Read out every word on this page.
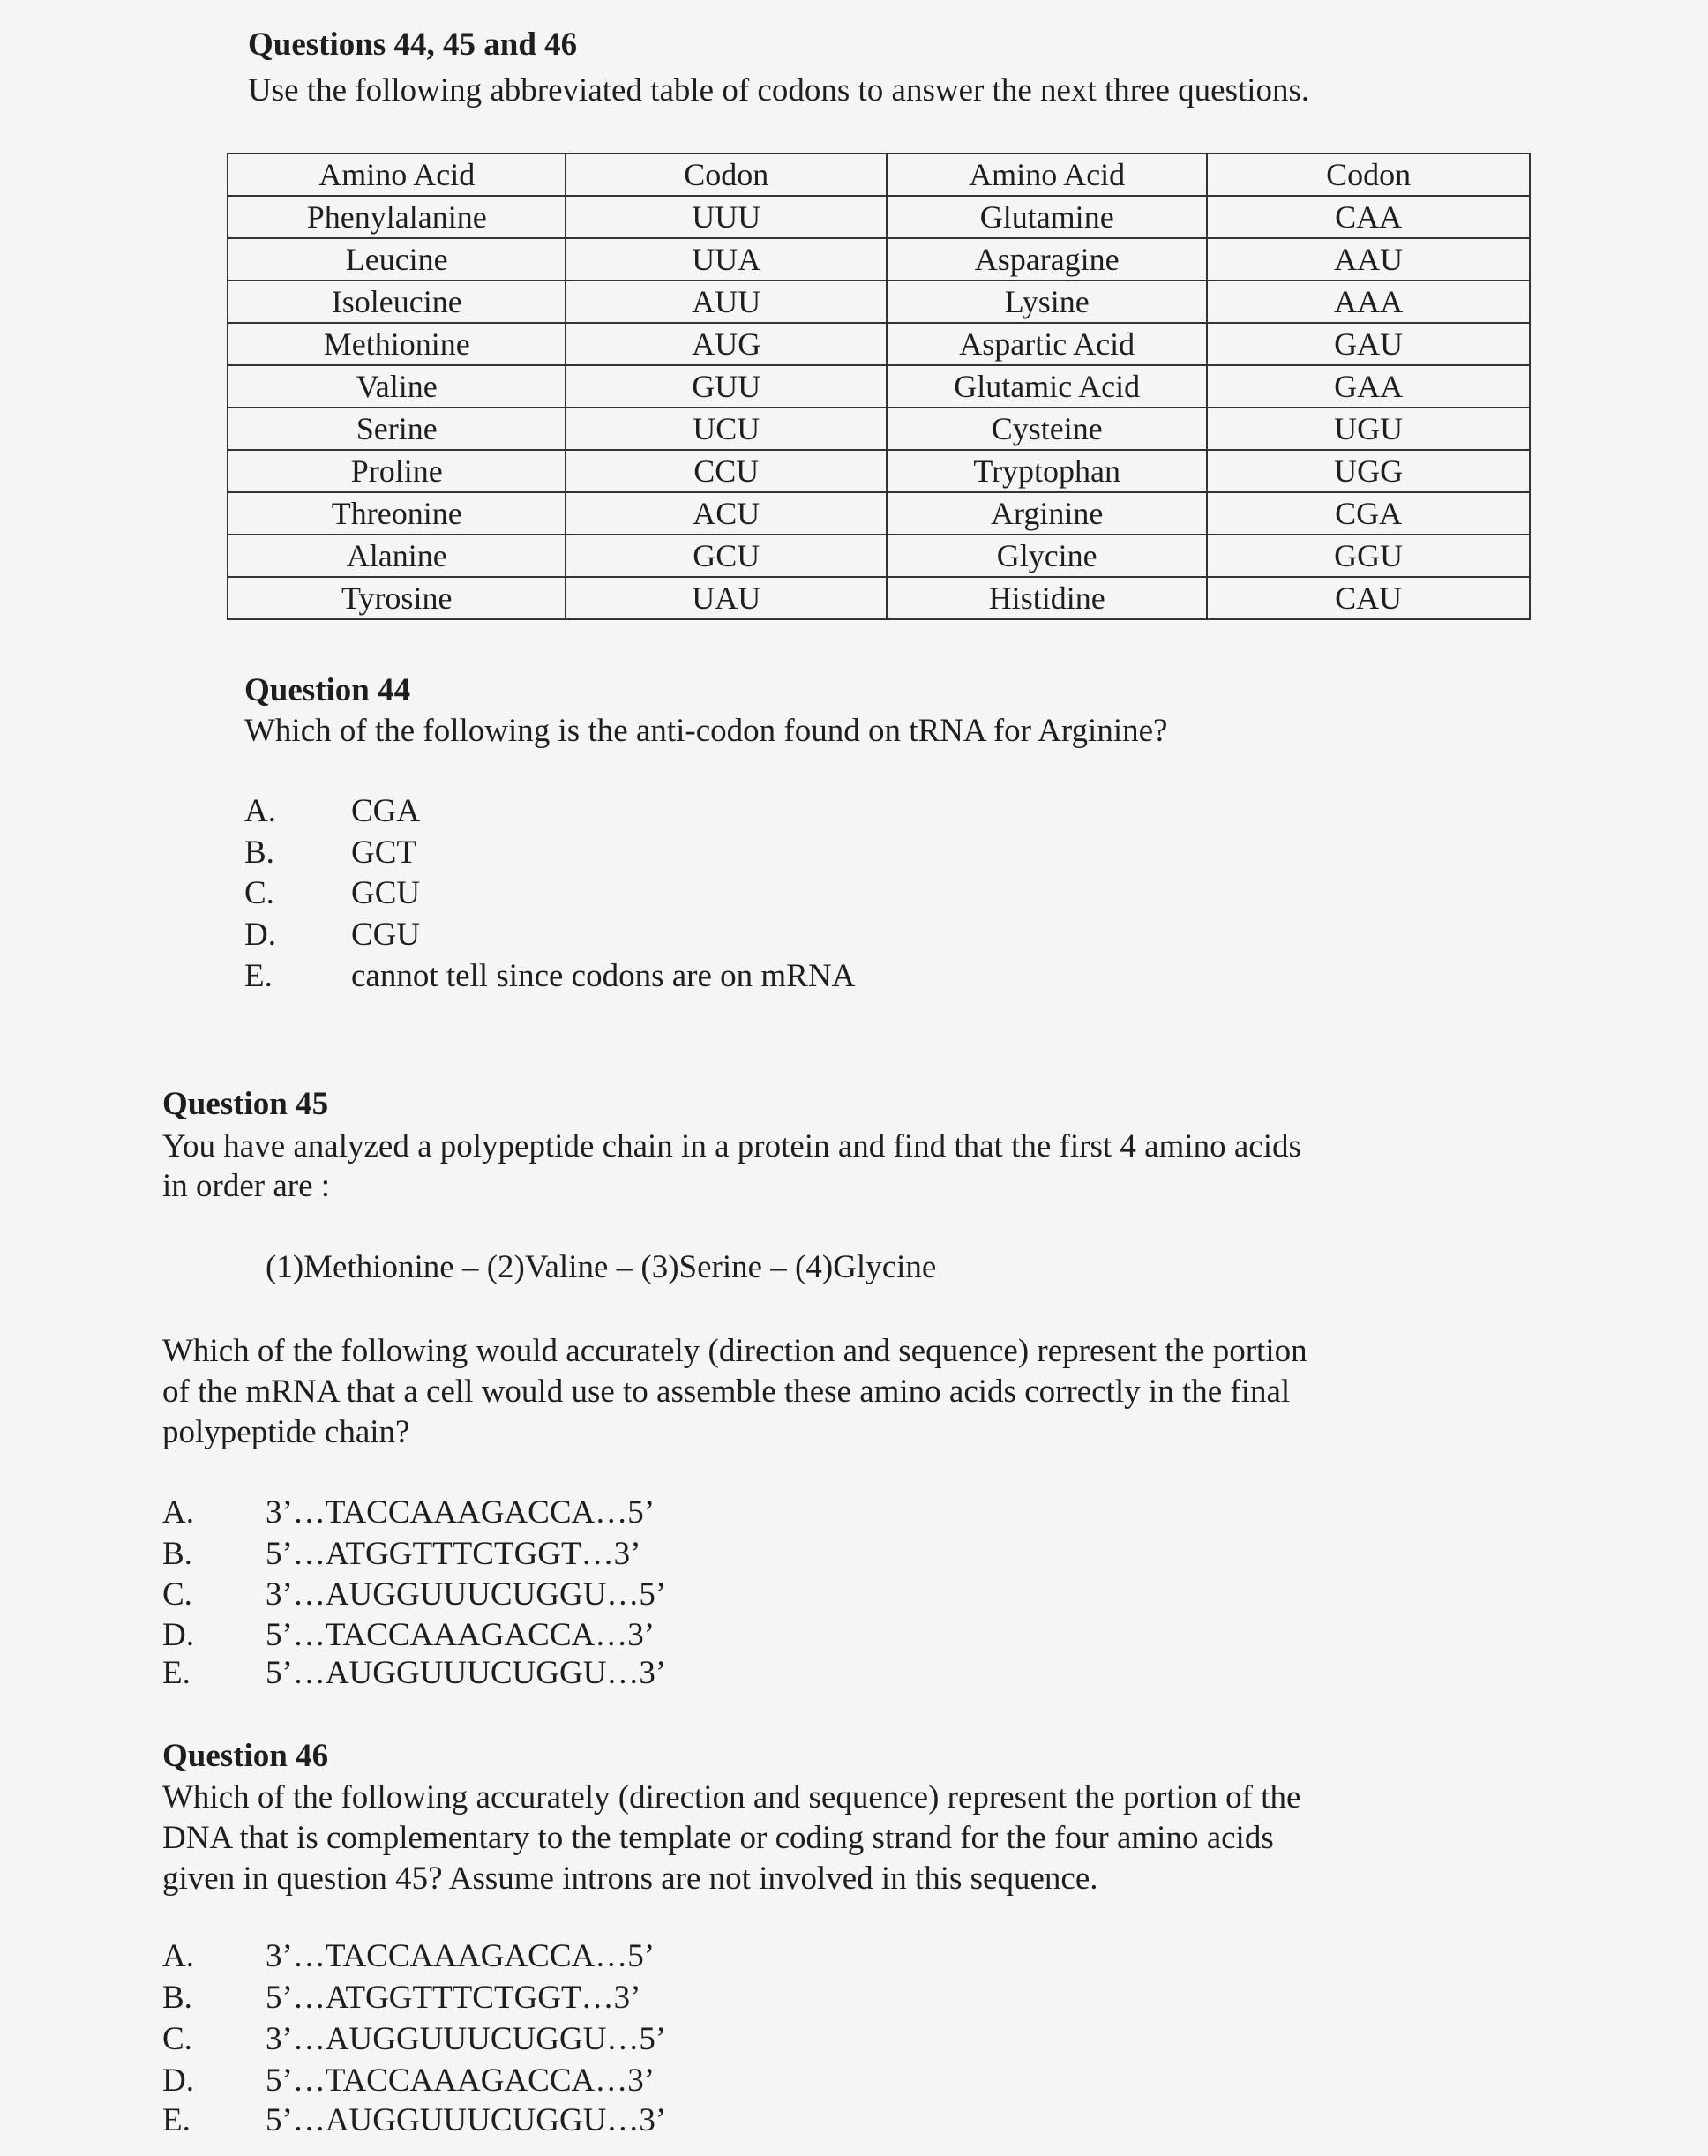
Questions 44, 45 and 46
Use the following abbreviated table of codons to answer the next three questions.
Amino Acid	Codon	Amino Acid	Codon
Phenylalanine	UUU	Glutamine	CAA
Leucine	UUA	Asparagine	AAU
Isoleucine	AUU	Lysine	AAA
Methionine	AUG	Aspartic Acid	GAU
Valine	GUU	Glutamic Acid	GAA
Serine	UCU	Cysteine	UGU
Proline	CCU	Tryptophan	UGG
Threonine	ACU	Arginine	CGA
Alanine	GCU	Glycine	GGU
Tyrosine	UAU	Histidine	CAU
Question 44
Which of the following is the anti-codon found on tRNA for Arginine?
A. CGA
B. GCT
C. GCU
D. CGU
E. cannot tell since codons are on mRNA
Question 45
You have analyzed a polypeptide chain in a protein and find that the first 4 amino acids
in order are :
(1)Methionine – (2)Valine – (3)Serine – (4)Glycine
Which of the following would accurately (direction and sequence) represent the portion
of the mRNA that a cell would use to assemble these amino acids correctly in the final
polypeptide chain?
A. 3’…TACCAAAGACCA…5’
B. 5’…ATGGTTTCTGGT…3’
C. 3’…AUGGUUUCUGGU…5’
D. 5’…TACCAAAGACCA…3’
E. 5’…AUGGUUUCUGGU…3’
Question 46
Which of the following accurately (direction and sequence) represent the portion of the
DNA that is complementary to the template or coding strand for the four amino acids
given in question 45? Assume introns are not involved in this sequence.
A. 3’…TACCAAAGACCA…5’
B. 5’…ATGGTTTCTGGT…3’
C. 3’…AUGGUUUCUGGU…5’
D. 5’…TACCAAAGACCA…3’
E. 5’…AUGGUUUCUGGU…3’
